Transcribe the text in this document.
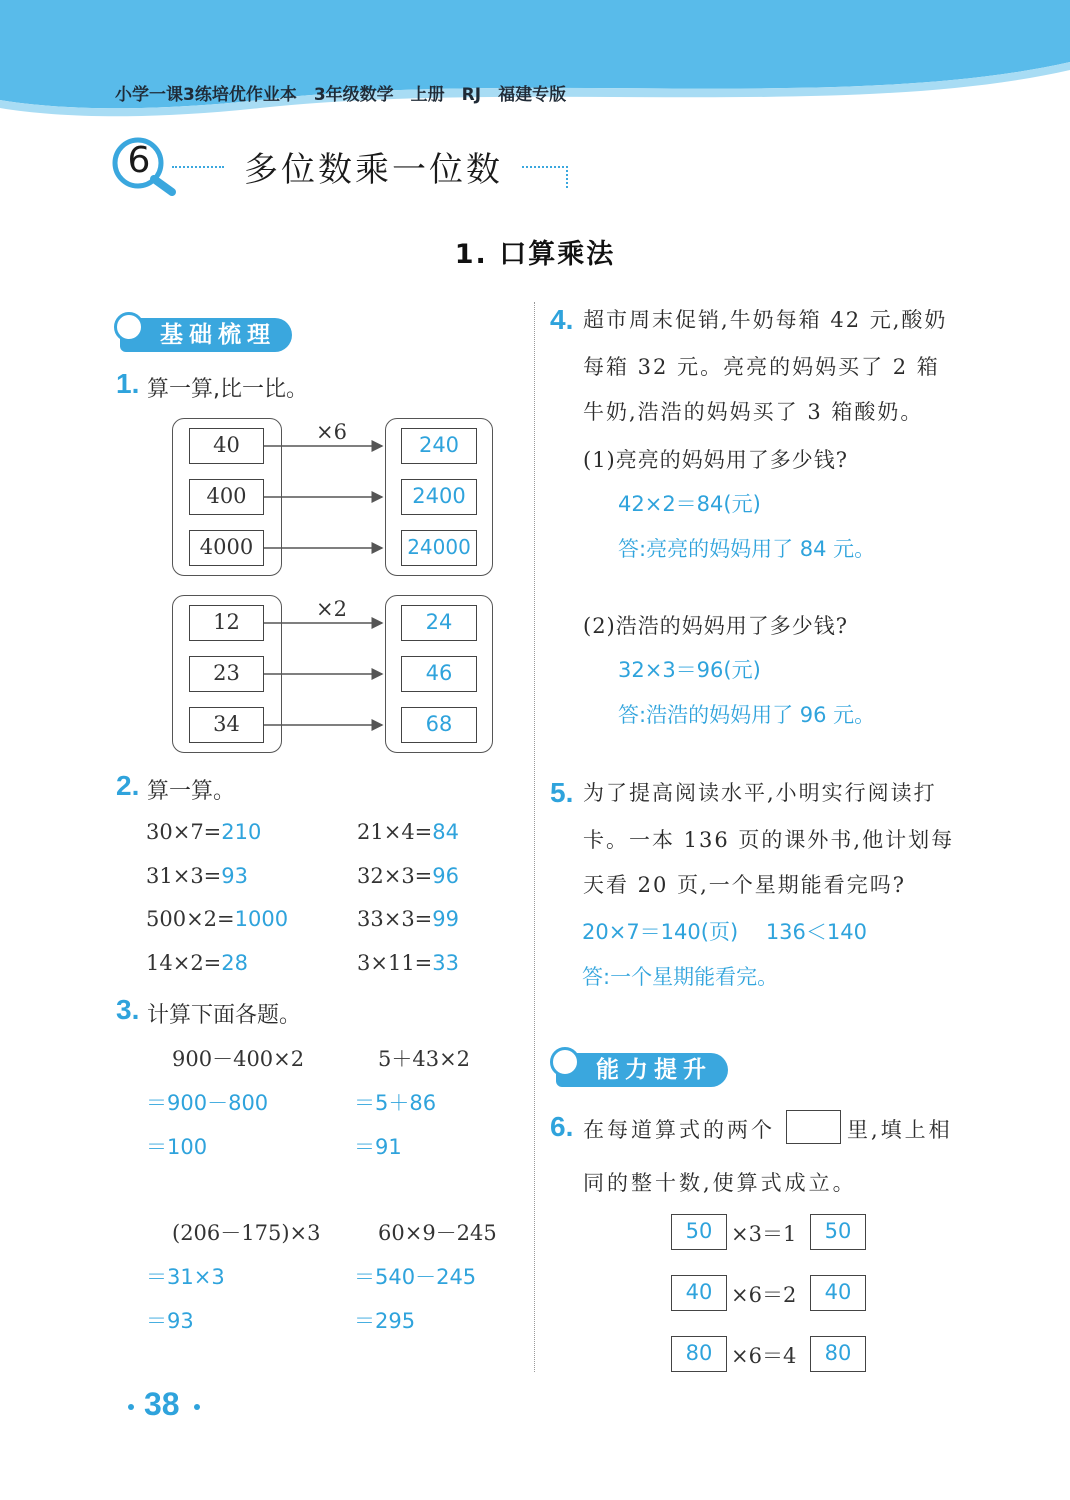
小学一课3练培优作业本　3年级数学　上册　RJ　福建专版
6	多位数乘一位数
1. 口算乘法
基础梳理
1. 算一算,比一比。
×6
×2
40
400
4000
240
2400
24000
12
23
34
24
46
68
2. 算一算。
30×7=210	21×4=84
31×3=93	32×3=96
500×2=1000	33×3=99
14×2=28	3×11=33
3. 计算下面各题。
900－400×2
＝900－800
＝100
5＋43×2
＝5＋86
＝91
(206－175)×3
＝31×3
＝93
60×9－245
＝540－245
＝295
38
4. 超市周末促销,牛奶每箱 42 元,酸奶
每箱 32 元。亮亮的妈妈买了 2 箱
牛奶,浩浩的妈妈买了 3 箱酸奶。
(1)亮亮的妈妈用了多少钱?
42×2＝84(元)
答:亮亮的妈妈用了 84 元。
(2)浩浩的妈妈用了多少钱?
32×3＝96(元)
答:浩浩的妈妈用了 96 元。
5. 为了提高阅读水平,小明实行阅读打
卡。一本 136 页的课外书,他计划每
天看 20 页,一个星期能看完吗?
20×7＝140(页)　 136＜140
答:一个星期能看完。
能力提升
6. 在每道算式的两个	里,填上相
同的整十数,使算式成立。
50 ×3＝1	50
40 ×6＝2	40
80 ×6＝4	80
